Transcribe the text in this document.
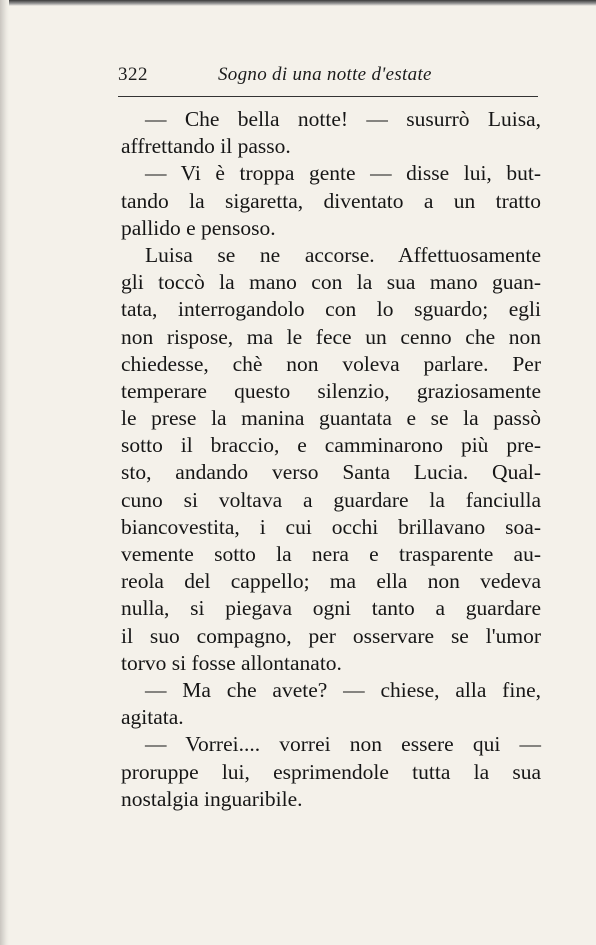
322	Sogno di una notte d'estate
— Che bella notte! — susurrò Luisa,
affrettando il passo.
— Vi è troppa gente — disse lui, but-
tando la sigaretta, diventato a un tratto
pallido e pensoso.
Luisa se ne accorse. Affettuosamente
gli toccò la mano con la sua mano guan-
tata, interrogandolo con lo sguardo; egli
non rispose, ma le fece un cenno che non
chiedesse, chè non voleva parlare. Per
temperare questo silenzio, graziosamente
le prese la manina guantata e se la passò
sotto il braccio, e camminarono più pre-
sto, andando verso Santa Lucia. Qual-
cuno si voltava a guardare la fanciulla
biancovestita, i cui occhi brillavano soa-
vemente sotto la nera e trasparente au-
reola del cappello; ma ella non vedeva
nulla, si piegava ogni tanto a guardare
il suo compagno, per osservare se l'umor
torvo si fosse allontanato.
— Ma che avete? — chiese, alla fine,
agitata.
— Vorrei.... vorrei non essere qui —
proruppe lui, esprimendole tutta la sua
nostalgia inguaribile.
